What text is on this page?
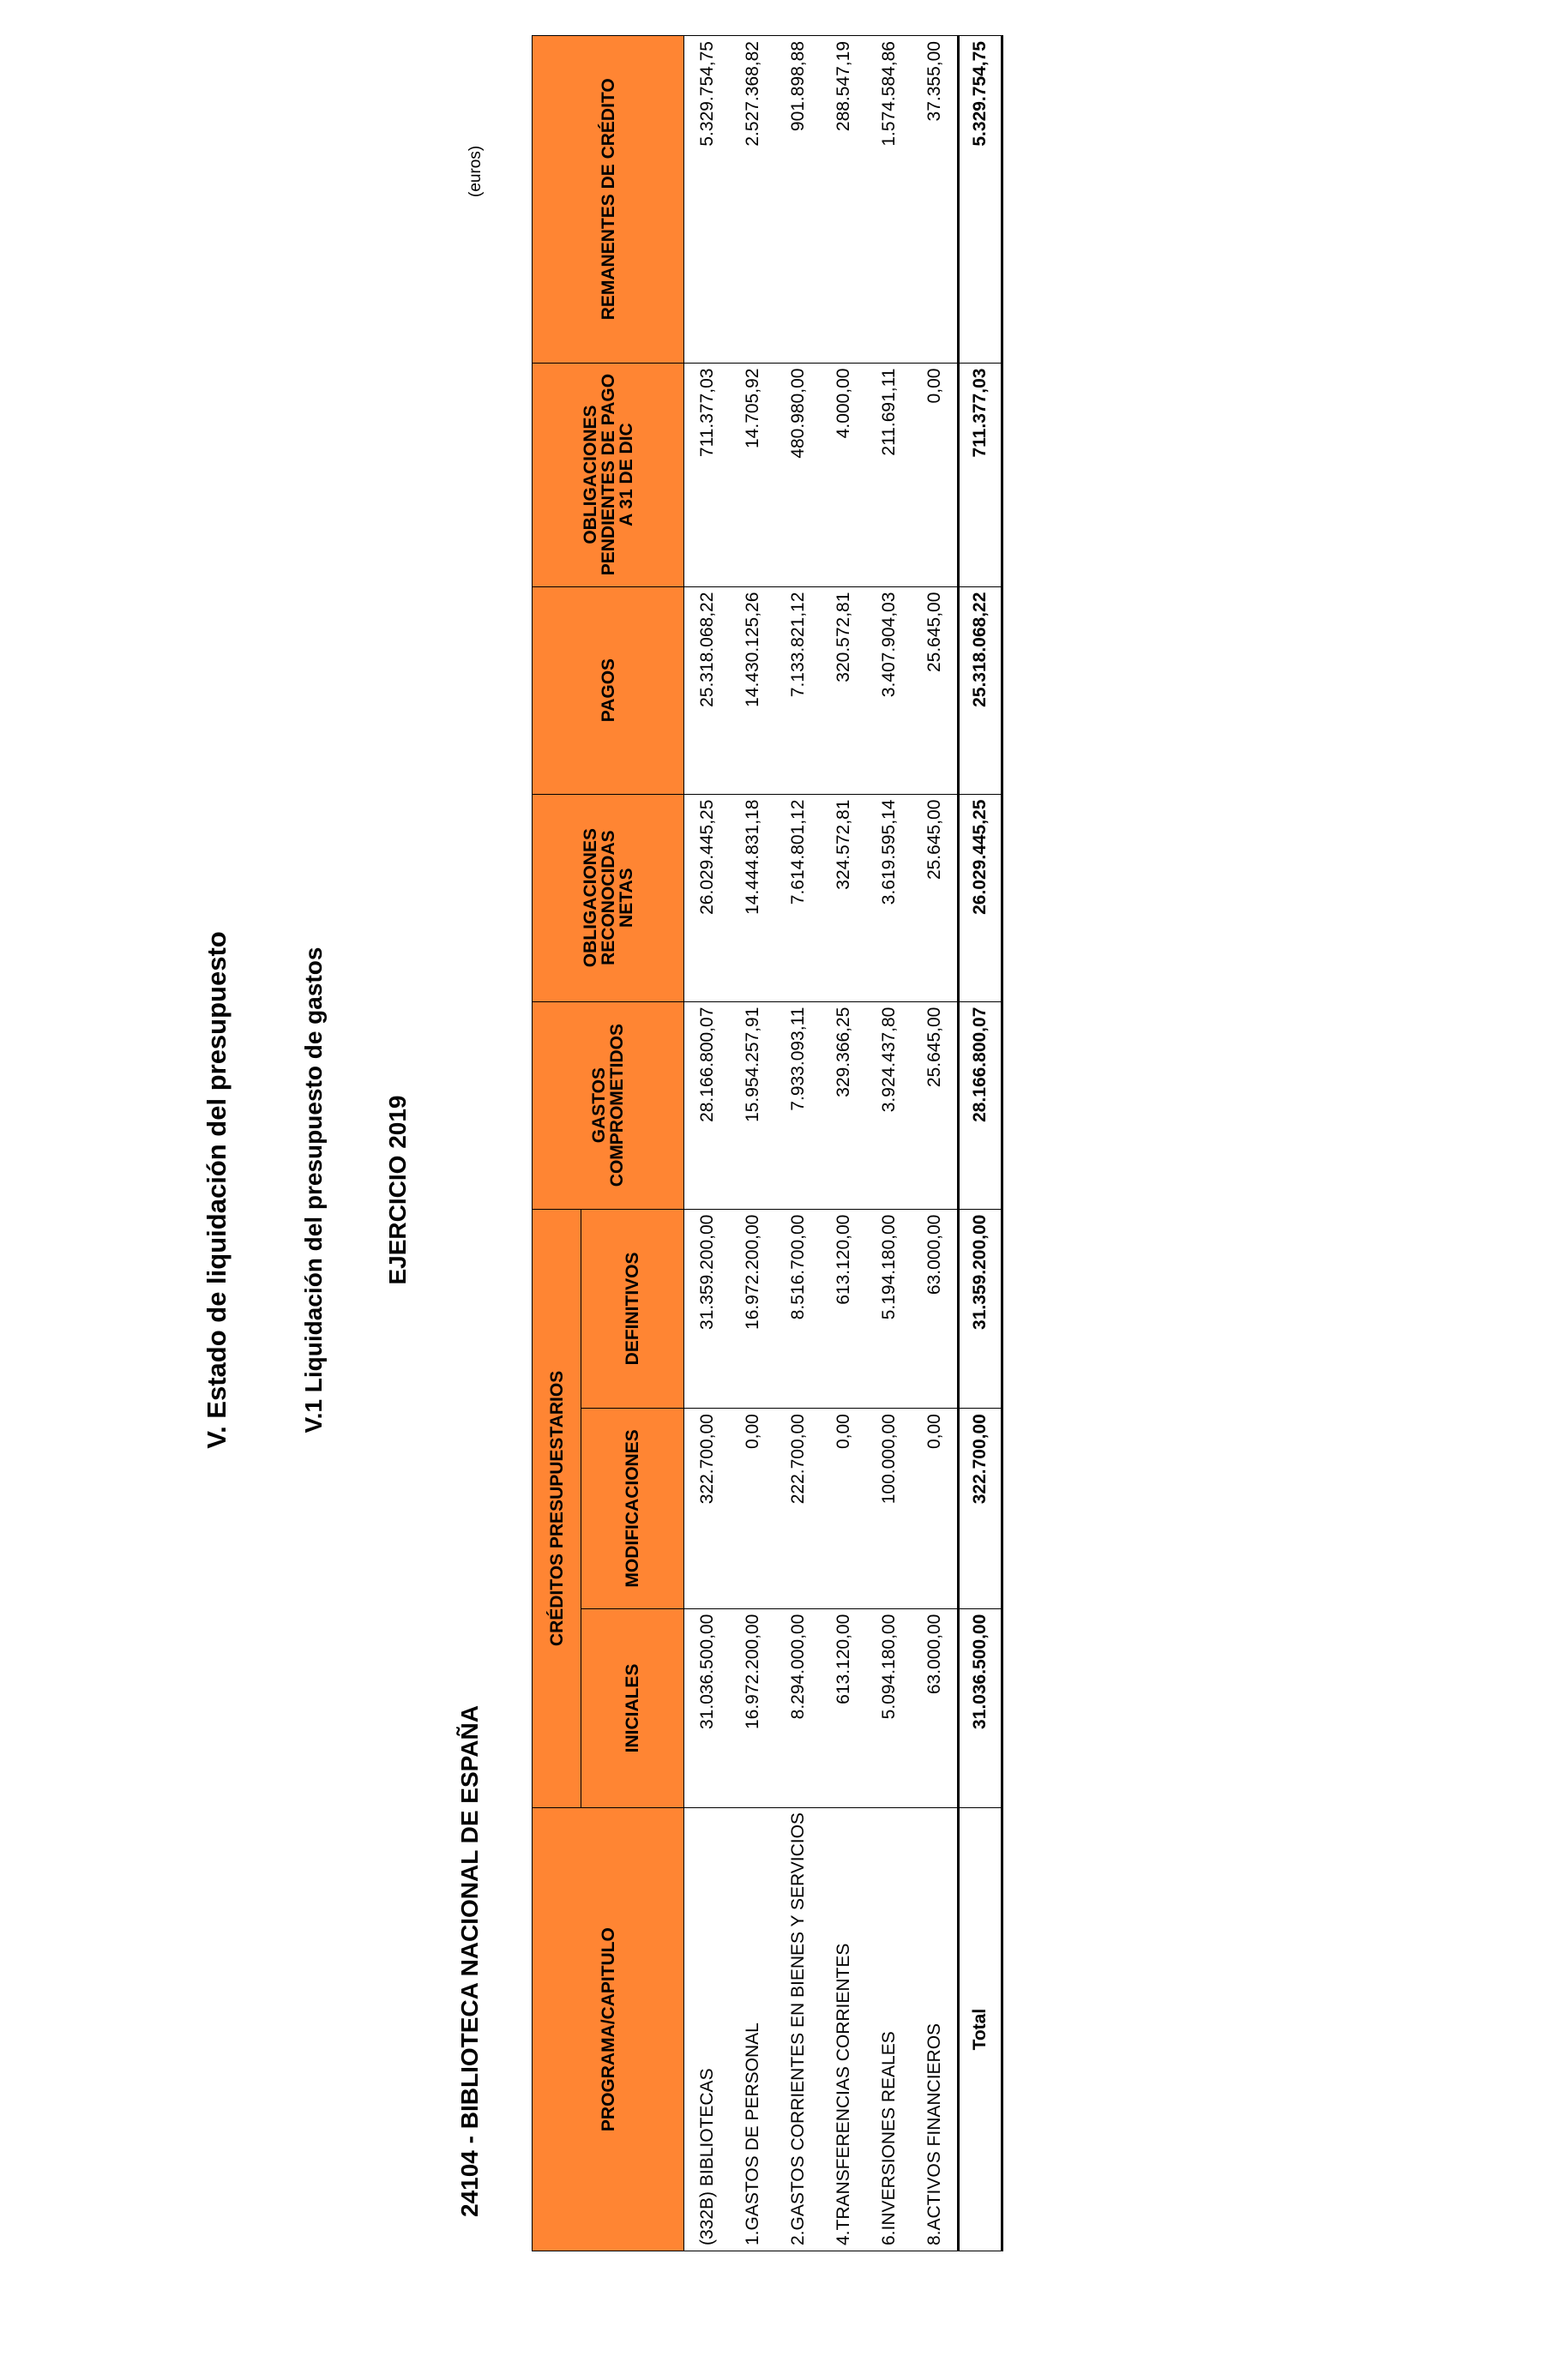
V. Estado de liquidación del presupuesto	V.1 Liquidación del presupuesto de gastos EJERCICIO 2019
24104 - BIBLIOTECA NACIONAL DE ESPAÑA
(euros)
PROGRAMA/CAPITULO	CRÉDITOS PRESUPUESTARIOS			GASTOS COMPROMETIDOS	OBLIGACIONES RECONOCIDAS NETAS	PAGOS	OBLIGACIONES PENDIENTES DE PAGO A 31 DE DIC	REMANENTES DE CRÉDITO
	INICIALES	MODIFICACIONES	DEFINITIVOS					
(332B) BIBLIOTECAS	31.036.500,00	322.700,00	31.359.200,00	28.166.800,07	26.029.445,25	25.318.068,22	711.377,03	5.329.754,75
1.GASTOS DE PERSONAL	16.972.200,00	0,00	16.972.200,00	15.954.257,91	14.444.831,18	14.430.125,26	14.705,92	2.527.368,82
2.GASTOS CORRIENTES EN BIENES Y SERVICIOS	8.294.000,00	222.700,00	8.516.700,00	7.933.093,11	7.614.801,12	7.133.821,12	480.980,00	901.898,88
4.TRANSFERENCIAS CORRIENTES	613.120,00	0,00	613.120,00	329.366,25	324.572,81	320.572,81	4.000,00	288.547,19
6.INVERSIONES REALES	5.094.180,00	100.000,00	5.194.180,00	3.924.437,80	3.619.595,14	3.407.904,03	211.691,11	1.574.584,86
8.ACTIVOS FINANCIEROS	63.000,00	0,00	63.000,00	25.645,00	25.645,00	25.645,00	0,00	37.355,00
Total	31.036.500,00	322.700,00	31.359.200,00	28.166.800,07	26.029.445,25	25.318.068,22	711.377,03	5.329.754,75
